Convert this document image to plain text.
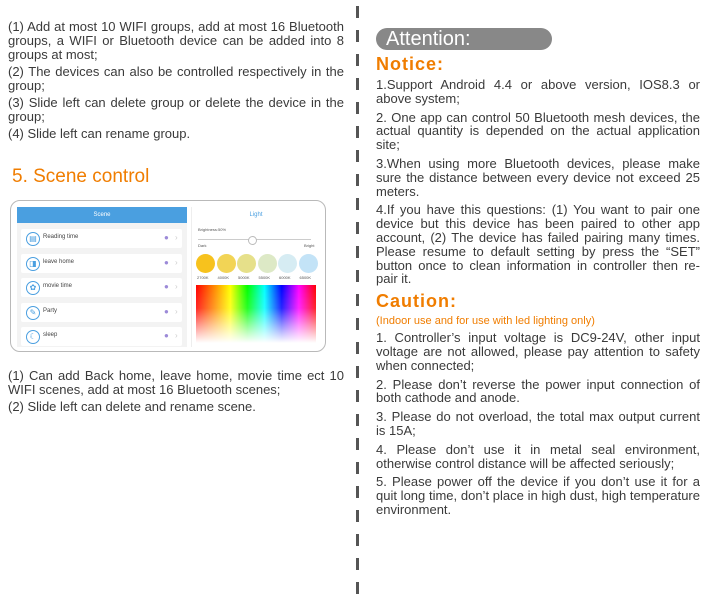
(1) Add at most 10 WIFI groups, add at most 16 Bluetooth groups, a WIFI or Bluetooth device can be added into 8 groups at most;

(2) The devices can also be controlled respectively in the group;

(3) Slide left can delete group or delete the device in the group;

(4) Slide left can rename group.

5. Scene control
Scene
▤	Reading time	● ›
◨	leave home	● ›
✿	movie time	● ›
✎	Party	● ›
☾	sleep	● ›
Light
Brightness:50%
Dark	Bright
2700K 4000K 5000K 5500K 6000K 6500K

(1) Can add Back home, leave home, movie time ect 10 WIFI scenes, add at most 16 Bluetooth scenes;

(2) Slide left can delete and rename scene.

Attention:
Notice:

1.Support Android 4.4 or above version, IOS8.3 or above system;

2. One app can control 50 Bluetooth mesh devices, the actual quantity is depended on the actual application site;

3.When using more Bluetooth devices, please make sure the distance between every device not exceed 25 meters.

4.If you have this questions: (1) You want to pair one device but this device has been paired to other app account, (2) The device has failed pairing many times. Please resume to default setting by press the “SET” button once to clean information in controller then re-pair it.

Caution:

(Indoor use and for use with led lighting only)

1. Controller’s input voltage is DC9-24V, other input voltage are not allowed, please pay attention to safety when connected;

2. Please don’t reverse the power input connection of both cathode and anode.

3. Please do not overload, the total max output current is 15A;

4. Please don’t use it in metal seal environment, otherwise control distance will be affected seriously;

5. Please power off the device if you don’t use it for a quit long time, don’t place in high dust, high temperature environment.
